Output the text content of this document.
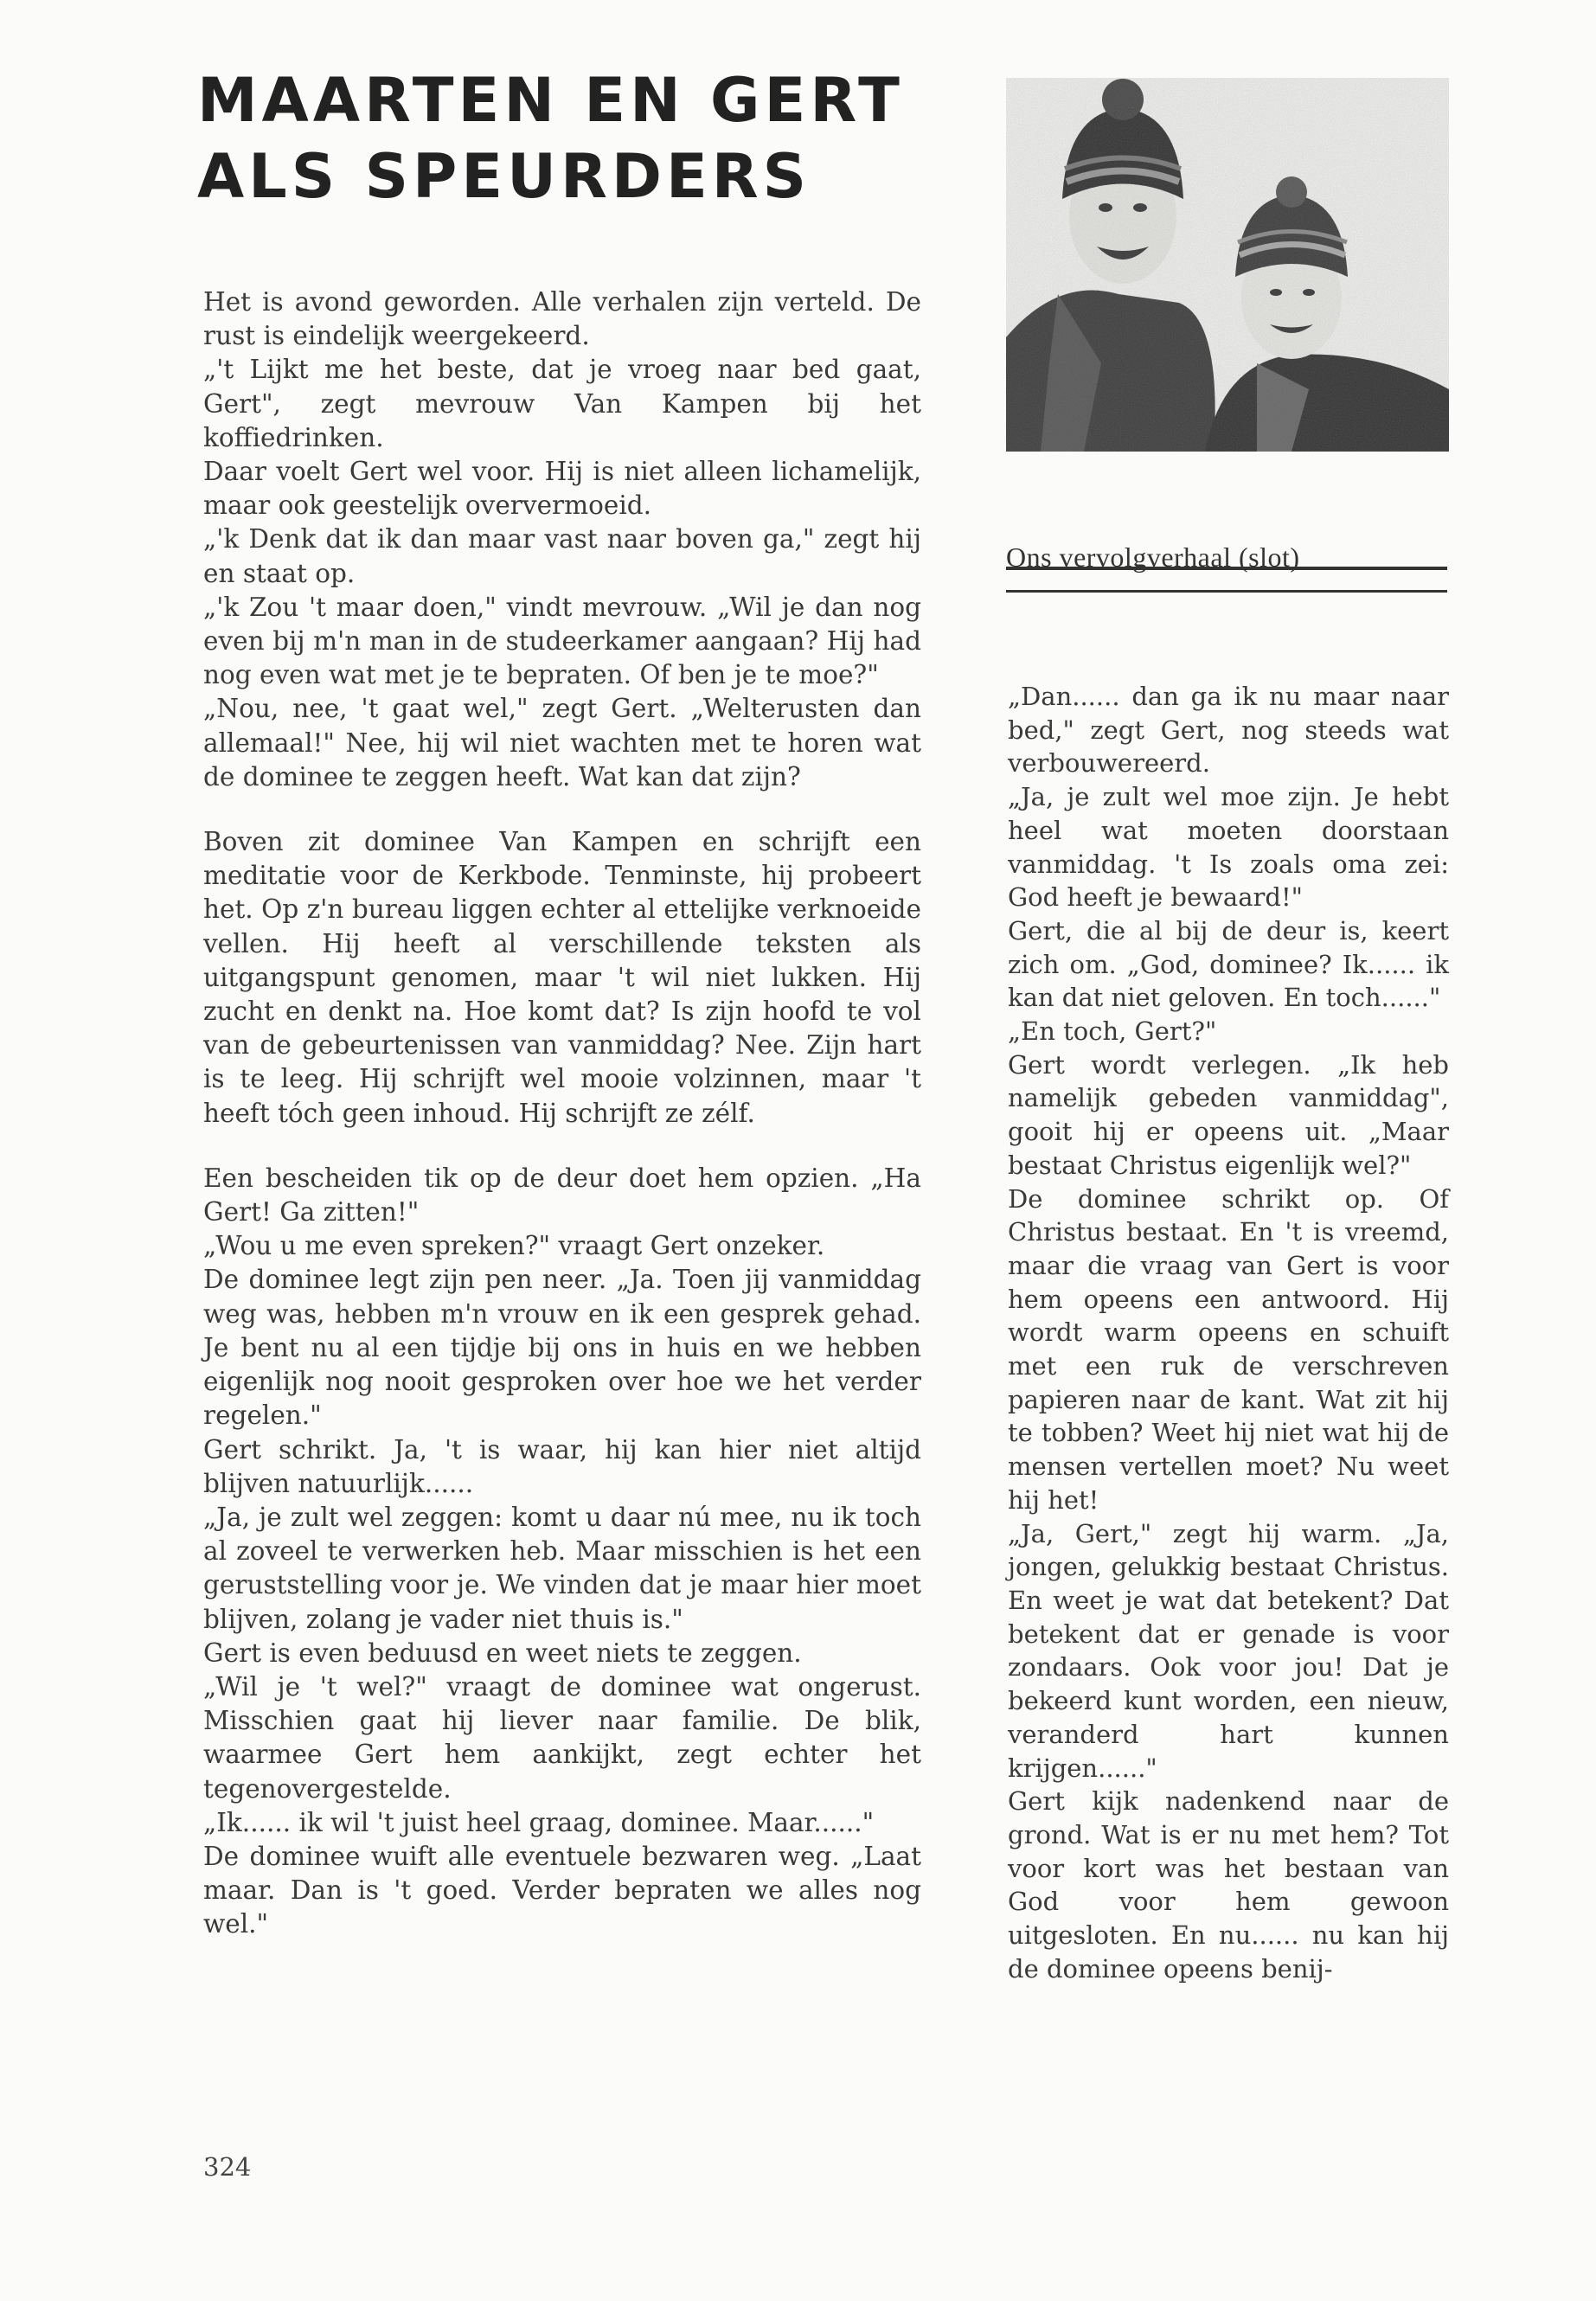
MAARTEN EN GERT
ALS SPEURDERS
Ons vervolgverhaal (slot)

Het is avond geworden. Alle verhalen zijn verteld. De rust is eindelijk weergekeerd.

„'t Lijkt me het beste, dat je vroeg naar bed gaat, Gert", zegt mevrouw Van Kampen bij het koffiedrinken.

Daar voelt Gert wel voor. Hij is niet alleen lichamelijk, maar ook geestelijk oververmoeid.

„'k Denk dat ik dan maar vast naar boven ga," zegt hij en staat op.

„'k Zou 't maar doen," vindt mevrouw. „Wil je dan nog even bij m'n man in de studeerkamer aangaan? Hij had nog even wat met je te bepraten. Of ben je te moe?"

„Nou, nee, 't gaat wel," zegt Gert. „Welterusten dan allemaal!" Nee, hij wil niet wachten met te horen wat de dominee te zeggen heeft. Wat kan dat zijn?

Boven zit dominee Van Kampen en schrijft een meditatie voor de Kerkbode. Tenminste, hij probeert het. Op z'n bureau liggen echter al ettelijke verknoeide vellen. Hij heeft al verschillende teksten als uitgangspunt genomen, maar 't wil niet lukken. Hij zucht en denkt na. Hoe komt dat? Is zijn hoofd te vol van de gebeurtenissen van vanmiddag? Nee. Zijn hart is te leeg. Hij schrijft wel mooie volzinnen, maar 't heeft tóch geen inhoud. Hij schrijft ze zélf.

Een bescheiden tik op de deur doet hem opzien. „Ha Gert! Ga zitten!"

„Wou u me even spreken?" vraagt Gert onzeker.

De dominee legt zijn pen neer. „Ja. Toen jij vanmiddag weg was, hebben m'n vrouw en ik een gesprek gehad. Je bent nu al een tijdje bij ons in huis en we hebben eigenlijk nog nooit gesproken over hoe we het verder regelen."

Gert schrikt. Ja, 't is waar, hij kan hier niet altijd blijven natuurlijk......

„Ja, je zult wel zeggen: komt u daar nú mee, nu ik toch al zoveel te verwerken heb. Maar misschien is het een geruststelling voor je. We vinden dat je maar hier moet blijven, zolang je vader niet thuis is."

Gert is even beduusd en weet niets te zeggen.

„Wil je 't wel?" vraagt de dominee wat ongerust. Misschien gaat hij liever naar familie. De blik, waarmee Gert hem aankijkt, zegt echter het tegenovergestelde.

„Ik...... ik wil 't juist heel graag, dominee. Maar......"

De dominee wuift alle eventuele bezwaren weg. „Laat maar. Dan is 't goed. Verder bepraten we alles nog wel."

„Dan...... dan ga ik nu maar naar bed," zegt Gert, nog steeds wat verbouwereerd.

„Ja, je zult wel moe zijn. Je hebt heel wat moeten doorstaan vanmiddag. 't Is zoals oma zei: God heeft je bewaard!"

Gert, die al bij de deur is, keert zich om. „God, dominee? Ik...... ik kan dat niet geloven. En toch......"

„En toch, Gert?"

Gert wordt verlegen. „Ik heb namelijk gebeden vanmiddag", gooit hij er opeens uit. „Maar bestaat Christus eigenlijk wel?"

De dominee schrikt op. Of Christus bestaat. En 't is vreemd, maar die vraag van Gert is voor hem opeens een antwoord. Hij wordt warm opeens en schuift met een ruk de verschreven papieren naar de kant. Wat zit hij te tobben? Weet hij niet wat hij de mensen vertellen moet? Nu weet hij het!

„Ja, Gert," zegt hij warm. „Ja, jongen, gelukkig bestaat Christus. En weet je wat dat betekent? Dat betekent dat er genade is voor zondaars. Ook voor jou! Dat je bekeerd kunt worden, een nieuw, veranderd hart kunnen krijgen......"

Gert kijk nadenkend naar de grond. Wat is er nu met hem? Tot voor kort was het bestaan van God voor hem gewoon uitgesloten. En nu...... nu kan hij de dominee opeens benij-

324
